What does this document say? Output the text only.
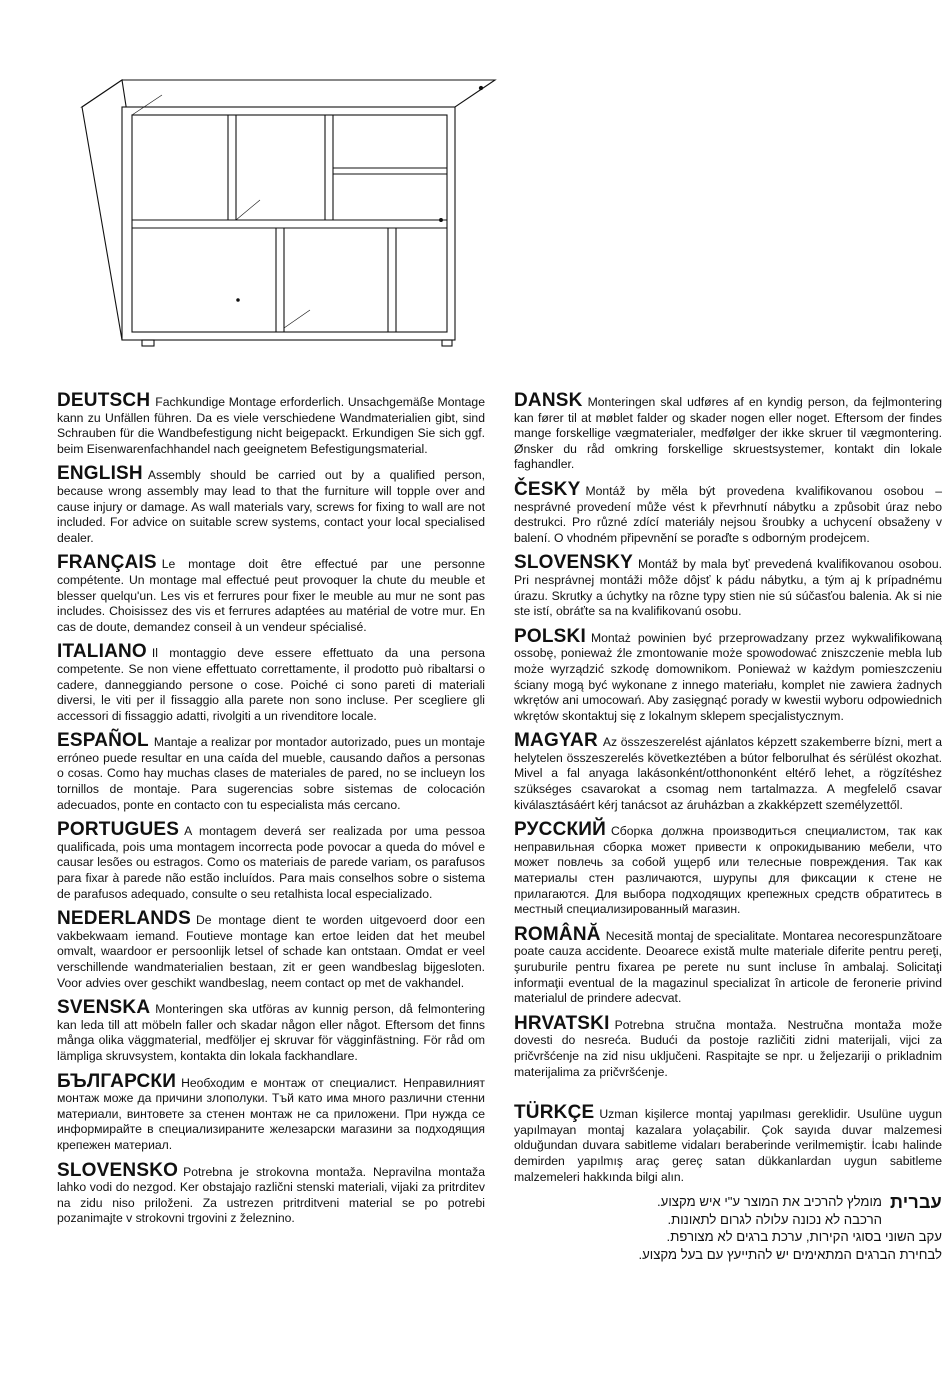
DEUTSCH Fachkundige Montage erforderlich. Unsachgemäße Montage kann zu Unfällen führen. Da es viele verschiedene Wandmaterialien gibt, sind Schrauben für die Wandbefestigung nicht beigepackt. Erkundigen Sie sich ggf. beim Eisenwarenfachhandel nach geeignetem Befestigungsmaterial.

ENGLISH Assembly should be carried out by a qualified person, because wrong assembly may lead to that the furniture will topple over and cause injury or damage. As wall materials vary, screws for fixing to wall are not included. For advice on suitable screw systems, contact your local specialised dealer.

FRANÇAIS Le montage doit être effectué par une personne compétente. Un montage mal effectué peut provoquer la chute du meuble et blesser quelqu'un. Les vis et ferrures pour fixer le meuble au mur ne sont pas includes. Choisissez des vis et ferrures adaptées au matérial de votre mur. En cas de doute, demandez conseil à un vendeur spécialisé.

ITALIANO Il montaggio deve essere effettuato da una persona competente. Se non viene effettuato correttamente, il prodotto può ribaltarsi o cadere, danneggiando persone o cose. Poiché ci sono pareti di materiali diversi, le viti per il fissaggio alla parete non sono incluse. Per scegliere gli accessori di fissaggio adatti, rivolgiti a un rivenditore locale.

ESPAÑOL Mantaje a realizar por montador autorizado, pues un montaje erróneo puede resultar en una caída del mueble, causando daños a personas o cosas. Como hay muchas clases de materiales de pared, no se inclueyn los tornillos de montaje. Para sugerencias sobre sistemas de colocación adecuados, ponte en contacto con tu especialista más cercano.

PORTUGUES A montagem deverá ser realizada por uma pessoa qualificada, pois uma montagem incorrecta pode povocar a queda do móvel e causar lesões ou estragos. Como os materiais de parede variam, os parafusos para fixar à parede não estão incluídos. Para mais conselhos sobre o sistema de parafusos adequado, consulte o seu retalhista local especializado.

NEDERLANDS De montage dient te worden uitgevoerd door een vakbekwaam iemand. Foutieve montage kan ertoe leiden dat het meubel omvalt, waardoor er persoonlijk letsel of schade kan ontstaan. Omdat er veel verschillende wandmaterialien bestaan, zit er geen wandbeslag bijgesloten. Voor advies over geschikt wandbeslag, neem contact op met de vakhandel.

SVENSKA Monteringen ska utföras av kunnig person, då felmontering kan leda till att möbeln faller och skadar någon eller något. Eftersom det finns många olika väggmaterial, medföljer ej skruvar för vägginfästning. För råd om lämpliga skruvsystem, kontakta din lokala fackhandlare.

БЪЛГАРСКИ Необходим е монтаж от специалист. Неправилният монтаж може да причини злополуки. Тъй като има много различни стенни материали, винтовете за стенен монтаж не са приложени. При нужда се информирайте в специализираните железарски магазини за подходящия крепежен материал.

SLOVENSKO Potrebna je strokovna montaža. Nepravilna montaža lahko vodi do nezgod. Ker obstajajo različni stenski materiali, vijaki za pritrditev na zidu niso priloženi. Za ustrezen pritrditveni material se po potrebi pozanimajte v strokovni trgovini z železnino.

DANSK Monteringen skal udføres af en kyndig person, da fejlmontering kan fører til at møblet falder og skader nogen eller noget. Eftersom der findes mange forskellige vægmaterialer, medfølger der ikke skruer til vægmontering. Ønsker du råd omkring forskellige skruestsystemer, kontakt din lokale faghandler.

ČESKY Montáž by měla být provedena kvalifikovanou osobou – nesprávné provedení může vést k převrhnutí nábytku a způsobit úraz nebo destrukci. Pro různé zdící materiály nejsou šroubky a uchycení obsaženy v balení. O vhodném připevnění se poraďte s odborným prodejcem.

SLOVENSKY Montáž by mala byť prevedená kvalifikovanou osobou. Pri nesprávnej montáži môže dôjsť k pádu nábytku, a tým aj k prípadnému úrazu. Skrutky a úchytky na rôzne typy stien nie sú súčasťou balenia. Ak si nie ste istí, obráťte sa na kvalifikovanú osobu.

POLSKI Montaż powinien być przeprowadzany przez wykwalifikowaną ossobę, ponieważ źle zmontowanie może spowodować zniszczenie mebla lub może wyrządzić szkodę domownikom. Ponieważ w każdym pomieszczeniu ściany mogą być wykonane z innego materiału, komplet nie zawiera żadnych wkrętów ani umocowań. Aby zasięgnąć porady w kwestii wyboru odpowiednich wkrętów skontaktuj się z lokalnym sklepem specjalistycznym.

MAGYAR Az összeszerelést ajánlatos képzett szakemberre bízni, mert a helytelen összeszerelés következtében a bútor felborulhat és sérülést okozhat. Mivel a fal anyaga lakásonként/otthononként eltérő lehet, a rögzítéshez szükséges csavarokat a csomag nem tartalmazza. A megfelelő csavar kiválasztásáért kérj tanácsot az áruházban a zkakképzett személyzettől.

РУССКИЙ Сборка должна производиться специалистом, так как неправильная сборка может привести к опрокидыванию мебели, что может повлечь за собой ущерб или телесные повреждения. Так как материалы стен различаются, шурупы для фиксации к стене не прилагаются. Для выбора подходящих крепежных средств обратитесь в местный специализированный магазин.

ROMÂNĂ Necesită montaj de specialitate. Montarea necorespunzătoare poate cauza accidente. Deoarece există multe materiale diferite pentru pereţi, şuruburile pentru fixarea pe perete nu sunt incluse în ambalaj. Solicitaţi informaţii eventual de la magazinul specializat în articole de feronerie privind materialul de prindere adecvat.

HRVATSKI Potrebna stručna montaža. Nestručna montaža može dovesti do nesreća. Budući da postoje različiti zidni materijali, vijci za pričvršćenje na zid nisu uključeni. Raspitajte se npr. u željezariji o prikladnim materijalima za pričvršćenje.

TÜRKÇE Uzman kişilerce montaj yapılması gereklidir. Usulüne uygun yapılmayan montaj kazalara yolaçabilir. Çok sayıda duvar malzemesi olduğundan duvara sabitleme vidaları beraberinde verilmemiştir. İcabı halinde demirden yapılmış araç gereç satan dükkanlardan uygun sabitleme malzemeleri hakkında bilgi alın.

עברית
מומלץ להרכיב את המוצר ע"י איש מקצוע.
הרכבה לא נכונה עלולה לגרום לתאונות.
עקב השוני בסוגי הקירות, ערכת ברגים לא מצורפת.
לבחירת הברגים המתאימים יש להתייעץ עם בעל מקצוע.
